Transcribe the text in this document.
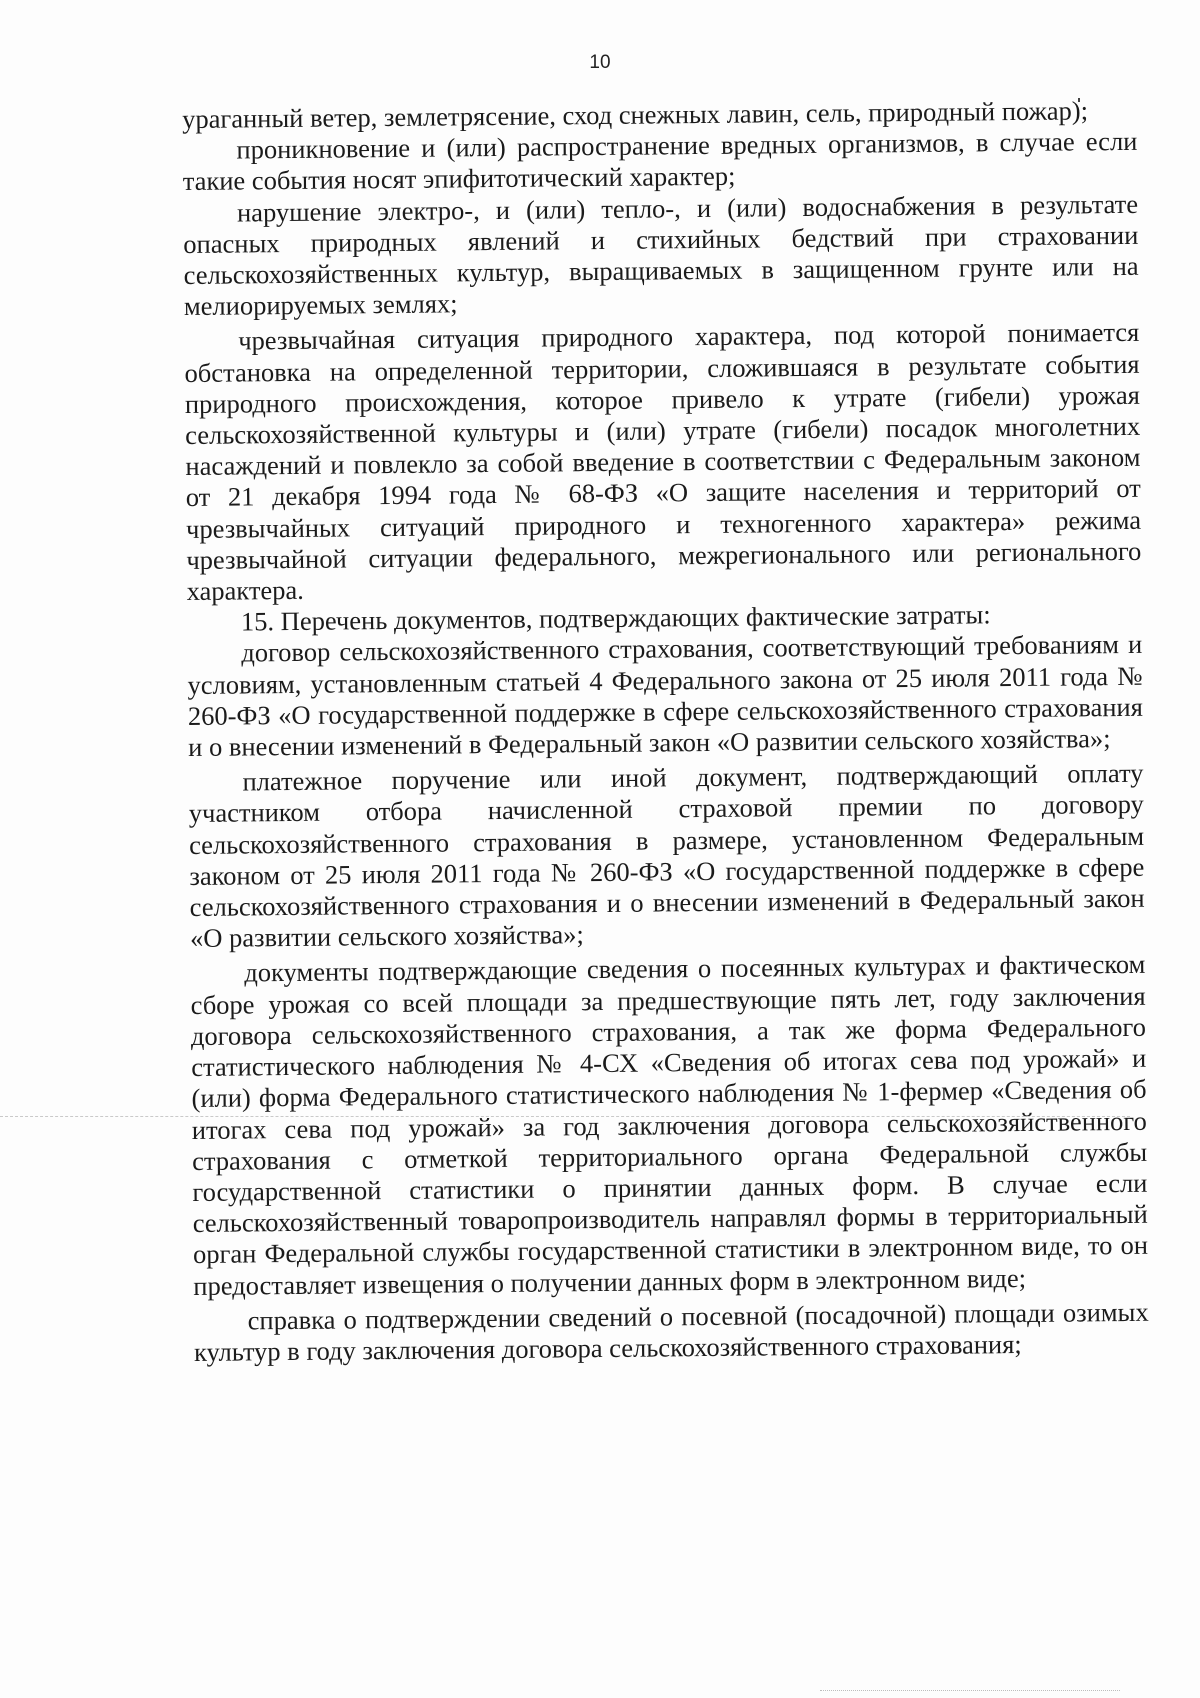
10

ураганный ветер, землетрясение, сход снежных лавин, сель, природный пожар);

проникновение и (или) распространение вредных организмов, в случае если такие события носят эпифитотический характер;

нарушение электро-, и (или) тепло-, и (или) водоснабжения в результате опасных природных явлений и стихийных бедствий при страховании сельскохозяйственных культур, выращиваемых в защищенном грунте или на мелиорируемых землях;

чрезвычайная ситуация природного характера, под которой понимается обстановка на определенной территории, сложившаяся в результате события природного происхождения, которое привело к утрате (гибели) урожая сельскохозяйственной культуры и (или) утрате (гибели) посадок многолетних насаждений и повлекло за собой введение в соответствии с Федеральным законом от 21 декабря 1994 года № 68-ФЗ «О защите населения и территорий от чрезвычайных ситуаций природного и техногенного характера» режима чрезвычайной ситуации федерального, межрегионального или регионального характера.

15. Перечень документов, подтверждающих фактические затраты:

договор сельскохозяйственного страхования, соответствующий требованиям и условиям, установленным статьей 4 Федерального закона от 25 июля 2011 года № 260-ФЗ «О государственной поддержке в сфере сельскохозяйственного страхования и о внесении изменений в Федеральный закон «О развитии сельского хозяйства»;

платежное поручение или иной документ, подтверждающий оплату участником отбора начисленной страховой премии по договору сельскохозяйственного страхования в размере, установленном Федеральным законом от 25 июля 2011 года № 260-ФЗ «О государственной поддержке в сфере сельскохозяйственного страхования и о внесении изменений в Федеральный закон «О развитии сельского хозяйства»;

документы подтверждающие сведения о посеянных культурах и фактическом сборе урожая со всей площади за предшествующие пять лет, году заключения договора сельскохозяйственного страхования, а так же форма Федерального статистического наблюдения № 4-СХ «Сведения об итогах сева под урожай» и (или) форма Федерального статистического наблюдения № 1-фермер «Сведения об итогах сева под урожай» за год заключения договора сельскохозяйственного страхования с отметкой территориального органа Федеральной службы государственной статистики о принятии данных форм. В случае если сельскохозяйственный товаропроизводитель направлял формы в территориальный орган Федеральной службы государственной статистики в электронном виде, то он предоставляет извещения о получении данных форм в электронном виде;

справка о подтверждении сведений о посевной (посадочной) площади озимых культур в году заключения договора сельскохозяйственного страхования;
